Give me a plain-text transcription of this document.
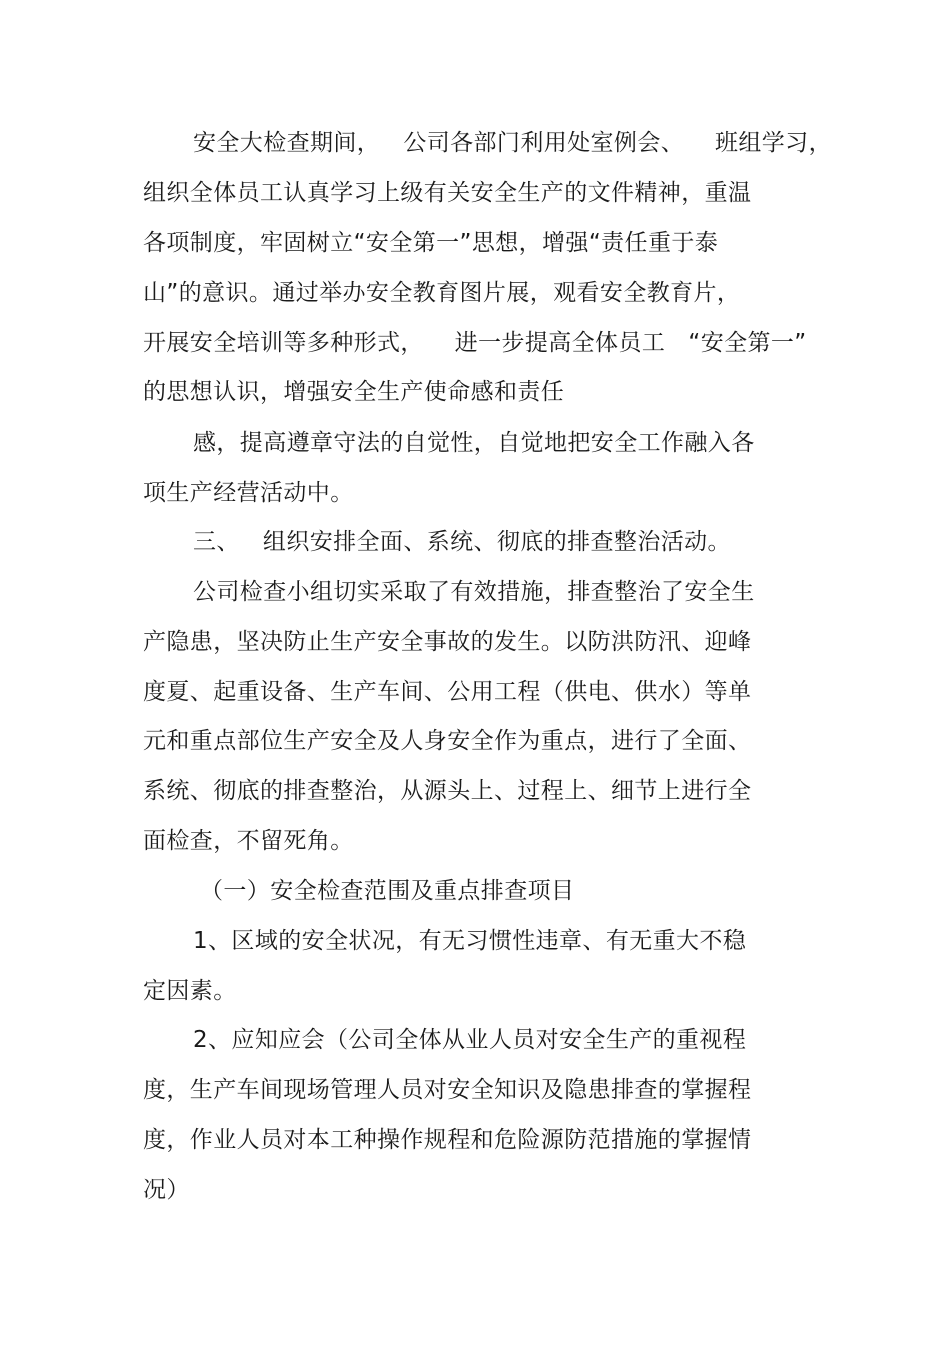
安全大检查期间，   公司各部门利用处室例会、    班组学习，
组织全体员工认真学习上级有关安全生产的文件精神，重温
各项制度，牢固树立“安全第一”思想，增强“责任重于泰
山”的意识。通过举办安全教育图片展，观看安全教育片，
开展安全培训等多种形式，    进一步提高全体员工   “安全第一”
的思想认识，增强安全生产使命感和责任
感，提高遵章守法的自觉性，自觉地把安全工作融入各
项生产经营活动中。
三、   组织安排全面、系统、彻底的排查整治活动。
公司检查小组切实采取了有效措施，排查整治了安全生
产隐患，坚决防止生产安全事故的发生。以防洪防汛、迎峰
度夏、起重设备、生产车间、公用工程（供电、供水）等单
元和重点部位生产安全及人身安全作为重点，进行了全面、
系统、彻底的排查整治，从源头上、过程上、细节上进行全
面检查，不留死角。
（一）安全检查范围及重点排查项目
1、区域的安全状况，有无习惯性违章、有无重大不稳
定因素。
2、应知应会（公司全体从业人员对安全生产的重视程
度，生产车间现场管理人员对安全知识及隐患排查的掌握程
度，作业人员对本工种操作规程和危险源防范措施的掌握情
况）
